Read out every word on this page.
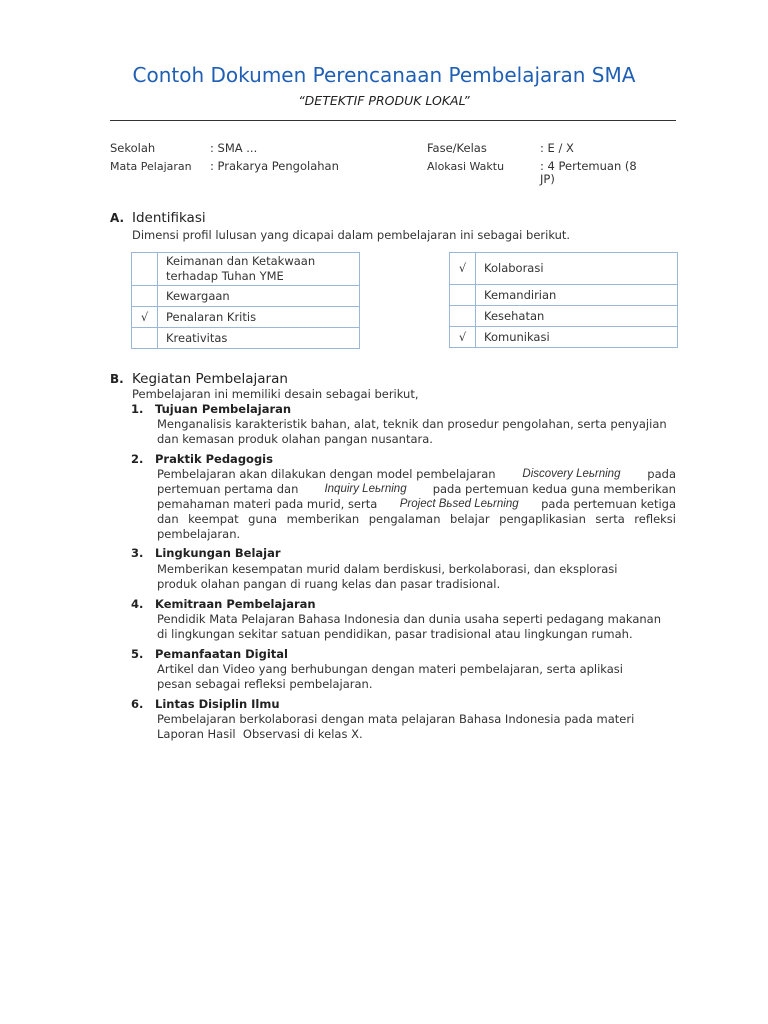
Contoh Dokumen Perencanaan Pembelajaran SMA
“DETEKTIF PRODUK LOKAL”
Sekolah	: SMA ...
Mata Pelajaran : Prakarya Pengolahan
Fase/Kelas	: E / X
Alokasi Waktu	: 4 Pertemuan (8
JP)
A. Identifikasi
Dimensi profil lulusan yang dicapai dalam pembelajaran ini sebagai berikut.

	Keimanan dan Ketakwaan
terhadap Tuhan YME

	Kewargaan
√	Penalaran Kritis
	Kreativitas
√	Kolaborasi
	Kemandirian
	Kesehatan
√	Komunikasi
B. Kegiatan Pembelajaran
Pembelajaran ini memiliki desain sebagai berikut,
1. Tujuan Pembelajaran
Menganalisis karakteristik bahan, alat, teknik dan prosedur pengolahan, serta penyajian
dan kemasan produk olahan pangan nusantara.
2. Praktik Pedagogis
Pembelajaran akan dilakukan dengan model pembelajaran Discovery Leьrning pada
pertemuan pertama dan Inquiry Leьrning pada pertemuan kedua guna memberikan
pemahaman materi pada murid, serta Project Bьsed Leьrning pada pertemuan ketiga
dan keempat guna memberikan pengalaman belajar pengaplikasian serta refleksi
pembelajaran.
3. Lingkungan Belajar
Memberikan kesempatan murid dalam berdiskusi, berkolaborasi, dan eksplorasi
produk olahan pangan di ruang kelas dan pasar tradisional.
4. Kemitraan Pembelajaran
Pendidik Mata Pelajaran Bahasa Indonesia dan dunia usaha seperti pedagang makanan
di lingkungan sekitar satuan pendidikan, pasar tradisional atau lingkungan rumah.
5. Pemanfaatan Digital
Artikel dan Video yang berhubungan dengan materi pembelajaran, serta aplikasi
pesan sebagai refleksi pembelajaran.
6. Lintas Disiplin Ilmu
Pembelajaran berkolaborasi dengan mata pelajaran Bahasa Indonesia pada materi
Laporan Hasil  Observasi di kelas X.
